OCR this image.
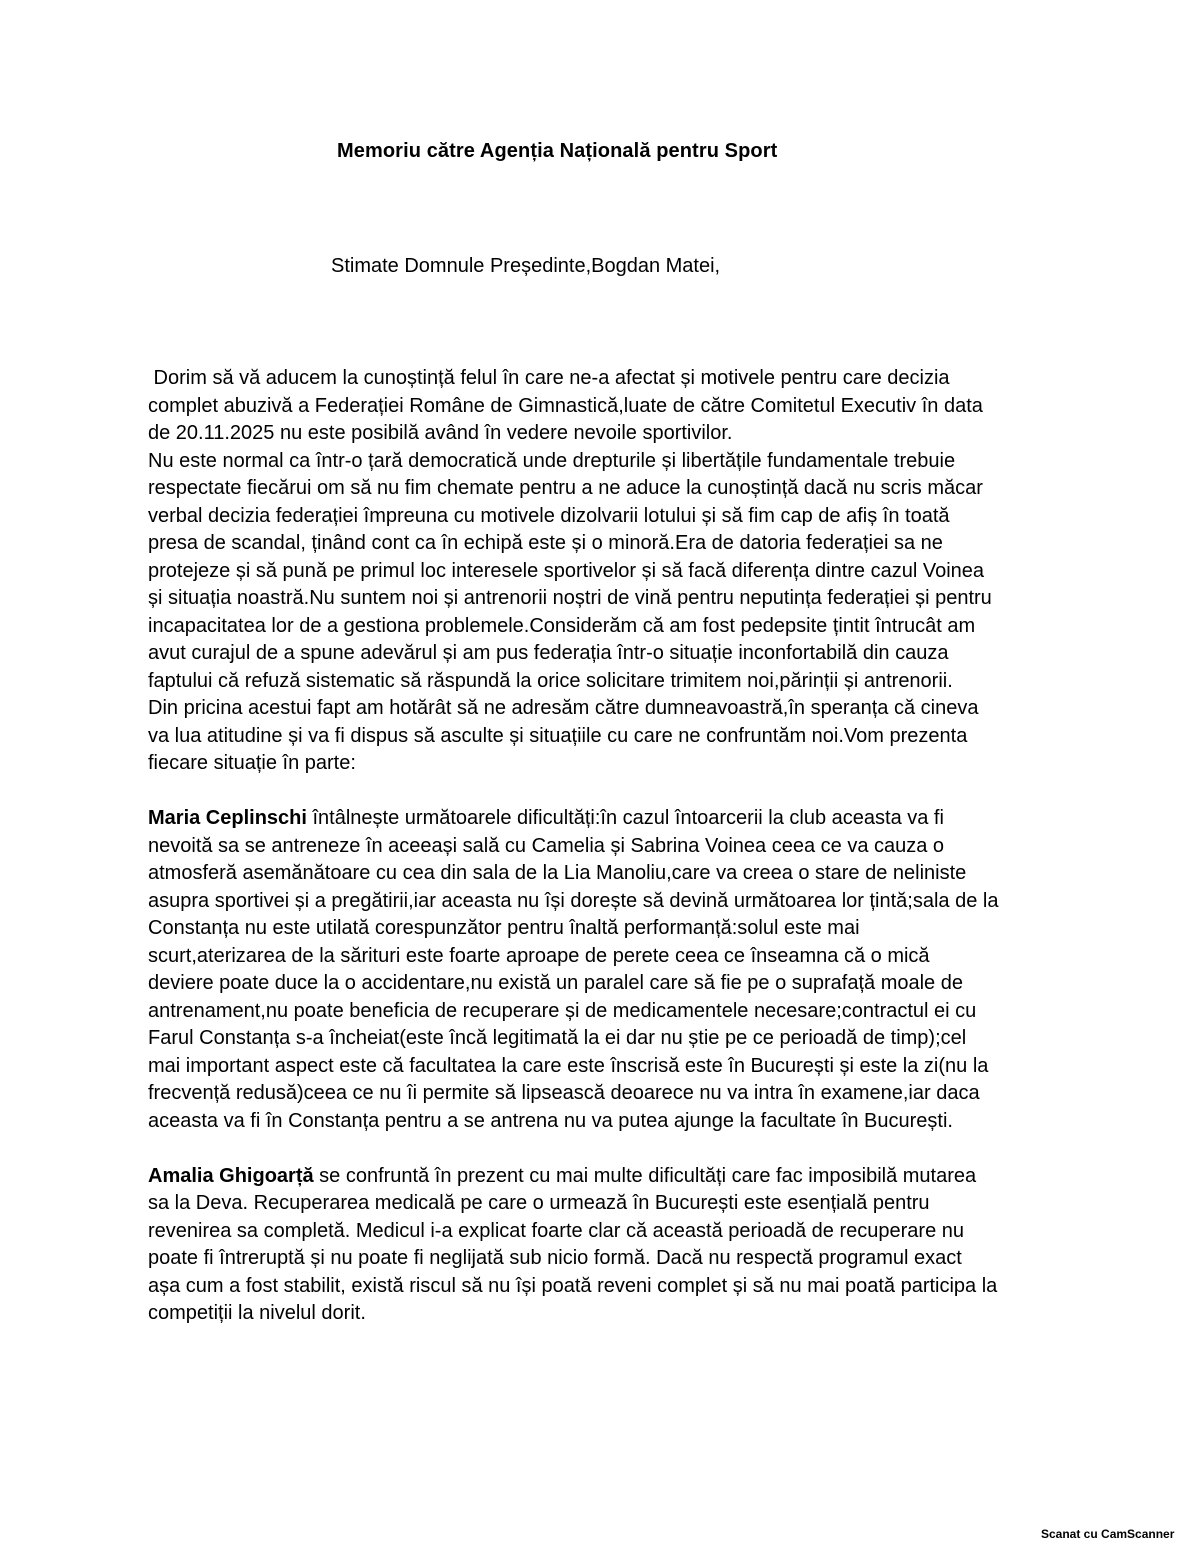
Memoriu către Agenția Națională pentru Sport
Stimate Domnule Președinte,Bogdan Matei,
Dorim să vă aducem la cunoștință felul în care ne-a afectat și motivele pentru care decizia
complet abuzivă a Federației Române de Gimnastică,luate de către Comitetul Executiv în data
de 20.11.2025 nu este posibilă având în vedere nevoile sportivilor.
Nu este normal ca într-o țară democratică unde drepturile și libertățile fundamentale trebuie
respectate fiecărui om să nu fim chemate pentru a ne aduce la cunoștință dacă nu scris măcar
verbal decizia federației împreuna cu motivele dizolvarii lotului și să fim cap de afiș în toată
presa de scandal, ținând cont ca în echipă este și o minoră.Era de datoria federației sa ne
protejeze și să pună pe primul loc interesele sportivelor și să facă diferența dintre cazul Voinea
și situația noastră.Nu suntem noi și antrenorii noștri de vină pentru neputința federației și pentru
incapacitatea lor de a gestiona problemele.Considerăm că am fost pedepsite țintit întrucât am
avut curajul de a spune adevărul și am pus federația într-o situație inconfortabilă din cauza
faptului că refuză sistematic să răspundă la orice solicitare trimitem noi,părinții și antrenorii.
Din pricina acestui fapt am hotărât să ne adresăm către dumneavoastră,în speranța că cineva
va lua atitudine și va fi dispus să asculte și situațiile cu care ne confruntăm noi.Vom prezenta
fiecare situație în parte:
Maria Ceplinschi întâlnește următoarele dificultăți:în cazul întoarcerii la club aceasta va fi
nevoită sa se antreneze în aceeași sală cu Camelia și Sabrina Voinea ceea ce va cauza o
atmosferă asemănătoare cu cea din sala de la Lia Manoliu,care va creea o stare de neliniste
asupra sportivei și a pregătirii,iar aceasta nu își dorește să devină următoarea lor țintă;sala de la
Constanța nu este utilată corespunzător pentru înaltă performanță:solul este mai
scurt,aterizarea de la sărituri este foarte aproape de perete ceea ce înseamna că o mică
deviere poate duce la o accidentare,nu există un paralel care să fie pe o suprafață moale de
antrenament,nu poate beneficia de recuperare și de medicamentele necesare;contractul ei cu
Farul Constanța s-a încheiat(este încă legitimată la ei dar nu știe pe ce perioadă de timp);cel
mai important aspect este că facultatea la care este înscrisă este în București și este la zi(nu la
frecvență redusă)ceea ce nu îi permite să lipsească deoarece nu va intra în examene,iar daca
aceasta va fi în Constanța pentru a se antrena nu va putea ajunge la facultate în București.
Amalia Ghigoarță se confruntă în prezent cu mai multe dificultăți care fac imposibilă mutarea
sa la Deva. Recuperarea medicală pe care o urmează în București este esențială pentru
revenirea sa completă. Medicul i-a explicat foarte clar că această perioadă de recuperare nu
poate fi întreruptă și nu poate fi neglijată sub nicio formă. Dacă nu respectă programul exact
așa cum a fost stabilit, există riscul să nu își poată reveni complet și să nu mai poată participa la
competiții la nivelul dorit.
Scanat cu CamScanner
